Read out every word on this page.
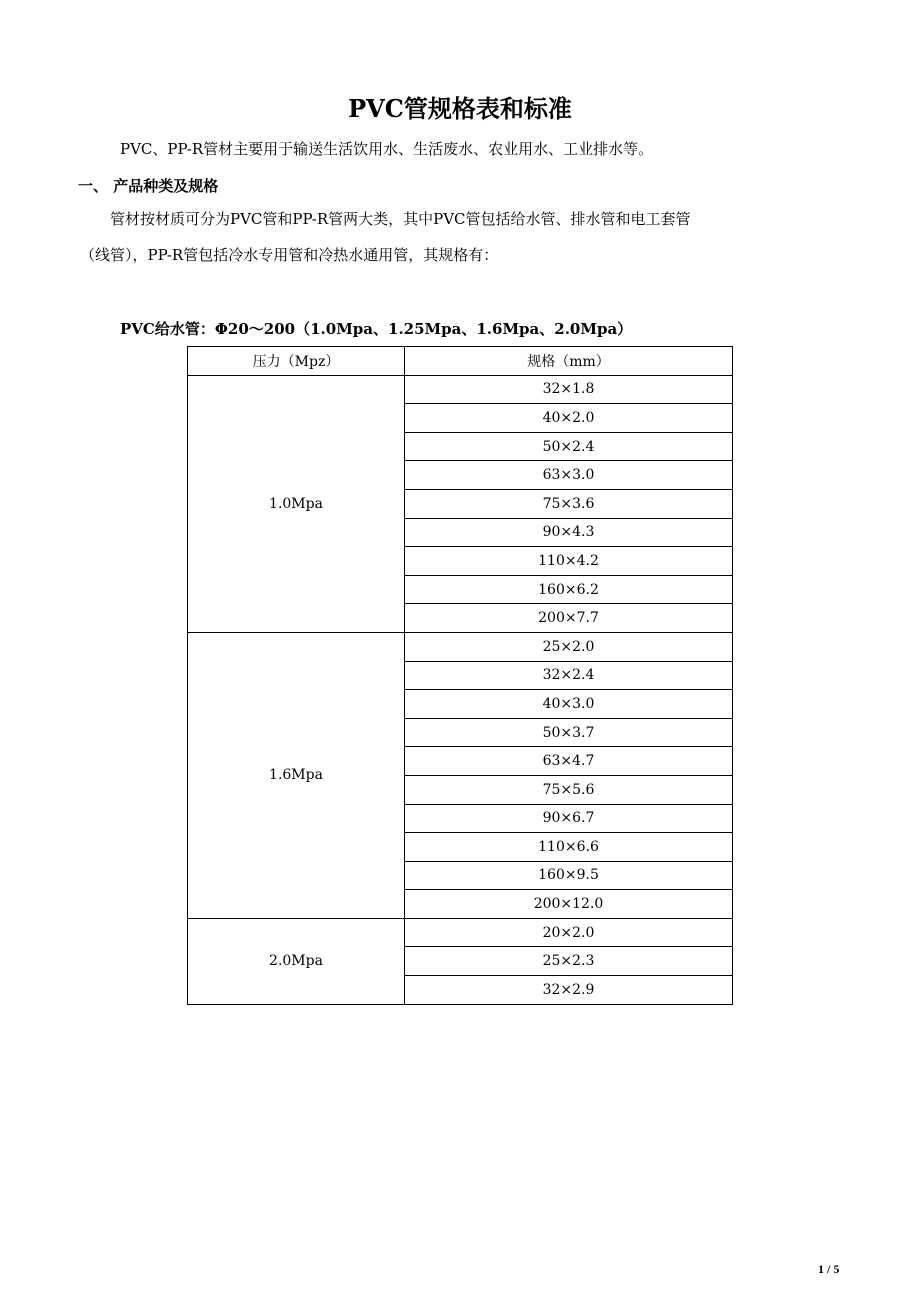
PVC管规格表和标准
PVC、PP-R管材主要用于输送生活饮用水、生活废水、农业用水、工业排水等。
一、 产品种类及规格
管材按材质可分为PVC管和PP-R管两大类，其中PVC管包括给水管、排水管和电工套管
（线管），PP-R管包括冷水专用管和冷热水通用管，其规格有：
PVC给水管：Φ20～200（1.0Mpa、1.25Mpa、1.6Mpa、2.0Mpa）
压力（Mpz）	规格（mm）
1.0Mpa	32×1.8
	40×2.0
	50×2.4
	63×3.0
	75×3.6
	90×4.3
	110×4.2
	160×6.2
	200×7.7
1.6Mpa	25×2.0
	32×2.4
	40×3.0
	50×3.7
	63×4.7
	75×5.6
	90×6.7
	110×6.6
	160×9.5
	200×12.0
2.0Mpa	20×2.0
	25×2.3
	32×2.9
1 / 5
